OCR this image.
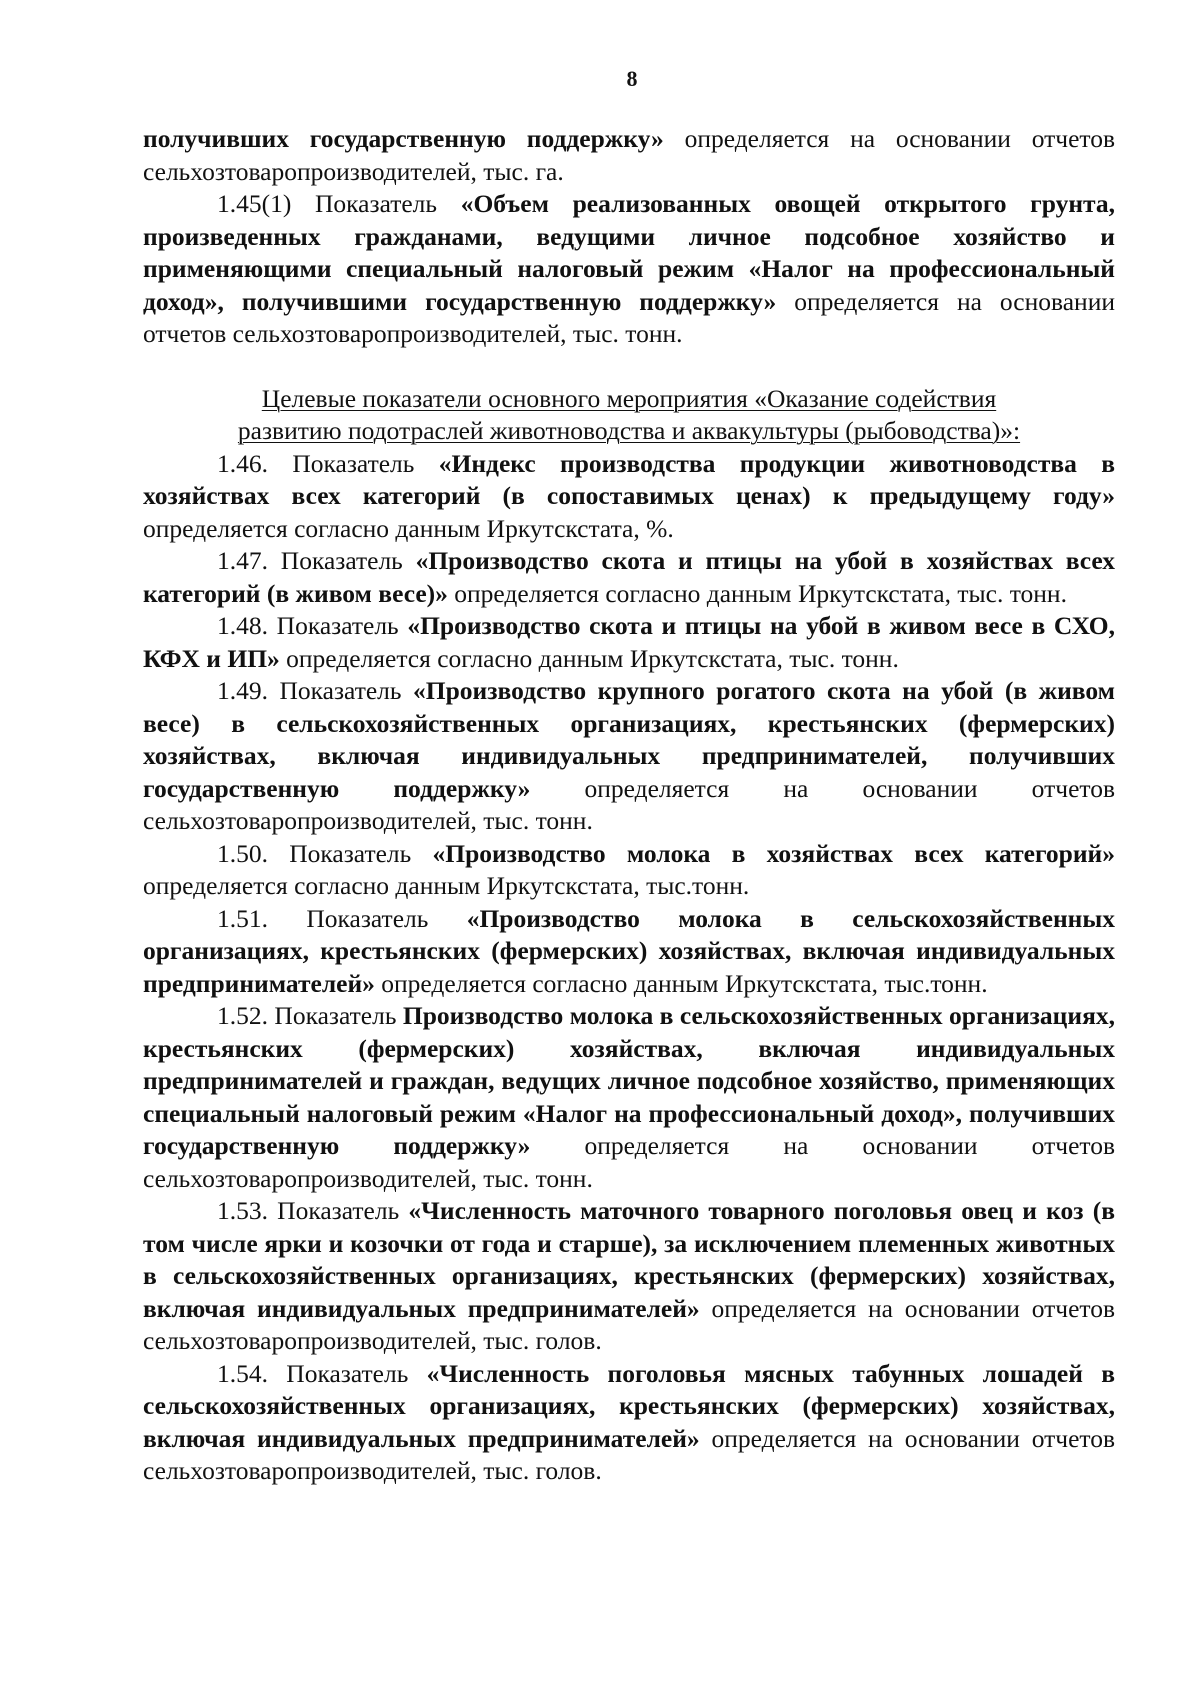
8

получивших государственную поддержку» определяется на основании отчетов сельхозтоваропроизводителей, тыс. га.

1.45(1) Показатель «Объем реализованных овощей открытого грунта, произведенных гражданами, ведущими личное подсобное хозяйство и применяющими специальный налоговый режим «Налог на профессиональный доход», получившими государственную поддержку» определяется на основании отчетов сельхозтоваропроизводителей, тыс. тонн.

Целевые показатели основного мероприятия «Оказание содействия
развитию подотраслей животноводства и аквакультуры (рыбоводства)»:

1.46. Показатель «Индекс производства продукции животноводства в хозяйствах всех категорий (в сопоставимых ценах) к предыдущему году» определяется согласно данным Иркутскстата, %.

1.47. Показатель «Производство скота и птицы на убой в хозяйствах всех категорий (в живом весе)» определяется согласно данным Иркутскстата, тыс. тонн.

1.48. Показатель «Производство скота и птицы на убой в живом весе в СХО, КФХ и ИП» определяется согласно данным Иркутскстата, тыс. тонн.

1.49. Показатель «Производство крупного рогатого скота на убой (в живом весе) в сельскохозяйственных организациях, крестьянских (фермерских) хозяйствах, включая индивидуальных предпринимателей, получивших государственную поддержку» определяется на основании отчетов сельхозтоваропроизводителей, тыс. тонн.

1.50. Показатель «Производство молока в хозяйствах всех категорий» определяется согласно данным Иркутскстата, тыс.тонн.

1.51. Показатель «Производство молока в сельскохозяйственных организациях, крестьянских (фермерских) хозяйствах, включая индивидуальных предпринимателей» определяется согласно данным Иркутскстата, тыс.тонн.

1.52. Показатель Производство молока в сельскохозяйственных организациях, крестьянских (фермерских) хозяйствах, включая индивидуальных предпринимателей и граждан, ведущих личное подсобное хозяйство, применяющих специальный налоговый режим «Налог на профессиональный доход», получивших государственную поддержку» определяется на основании отчетов сельхозтоваропроизводителей, тыс. тонн.

1.53. Показатель «Численность маточного товарного поголовья овец и коз (в том числе ярки и козочки от года и старше), за исключением племенных животных в сельскохозяйственных организациях, крестьянских (фермерских) хозяйствах, включая индивидуальных предпринимателей» определяется на основании отчетов сельхозтоваропроизводителей, тыс. голов.

1.54. Показатель «Численность поголовья мясных табунных лошадей в сельскохозяйственных организациях, крестьянских (фермерских) хозяйствах, включая индивидуальных предпринимателей» определяется на основании отчетов сельхозтоваропроизводителей, тыс. голов.
